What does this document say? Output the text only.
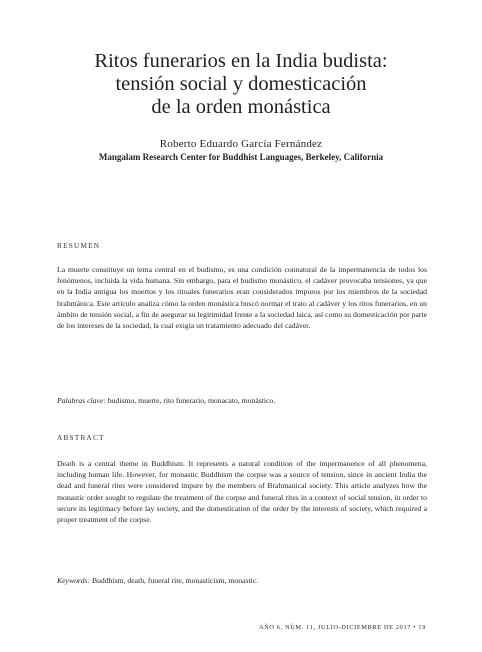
Ritos funerarios en la India budista:
tensión social y domesticación
de la orden monástica
Roberto Eduardo García Fernández
Mangalam Research Center for Buddhist Languages, Berkeley, California
RESUMEN

La muerte constituye un tema central en el budismo, es una condición connatural de la impermanencia de todos los fenómenos, incluida la vida humana. Sin embargo, para el budismo monástico, el cadáver provocaba tensiones, ya que en la India antigua los muertos y los rituales funerarios eran considerados impuros por los miembros de la sociedad brahmánica. Este artículo analiza cómo la orden monástica buscó normar el trato al cadáver y los ritos funerarios, en un ámbito de tensión social, a fin de asegurar su legitimidad frente a la sociedad laica, así como su domesticación por parte de los intereses de la sociedad, la cual exigía un tratamiento adecuado del cadáver.

Palabras clave: budismo, muerte, rito funerario, monacato, monástico.
ABSTRACT

Death is a central theme in Buddhism. It represents a natural condition of the impermanence of all phenomena, including human life. However, for monastic Buddhism the corpse was a source of tension, since in ancient India the dead and funeral rites were considered impure by the members of Brahmanical society. This article analyzes how the monastic order sought to regulate the treatment of the corpse and funeral rites in a context of social tension, in order to secure its legitimacy before lay society, and the domestication of the order by the interests of society, which required a proper treatment of the corpse.

Keywords: Buddhism, death, funeral rite, monasticism, monastic.
AÑO 6, NÚM. 11, JULIO-DICIEMBRE DE 2017 • 19
